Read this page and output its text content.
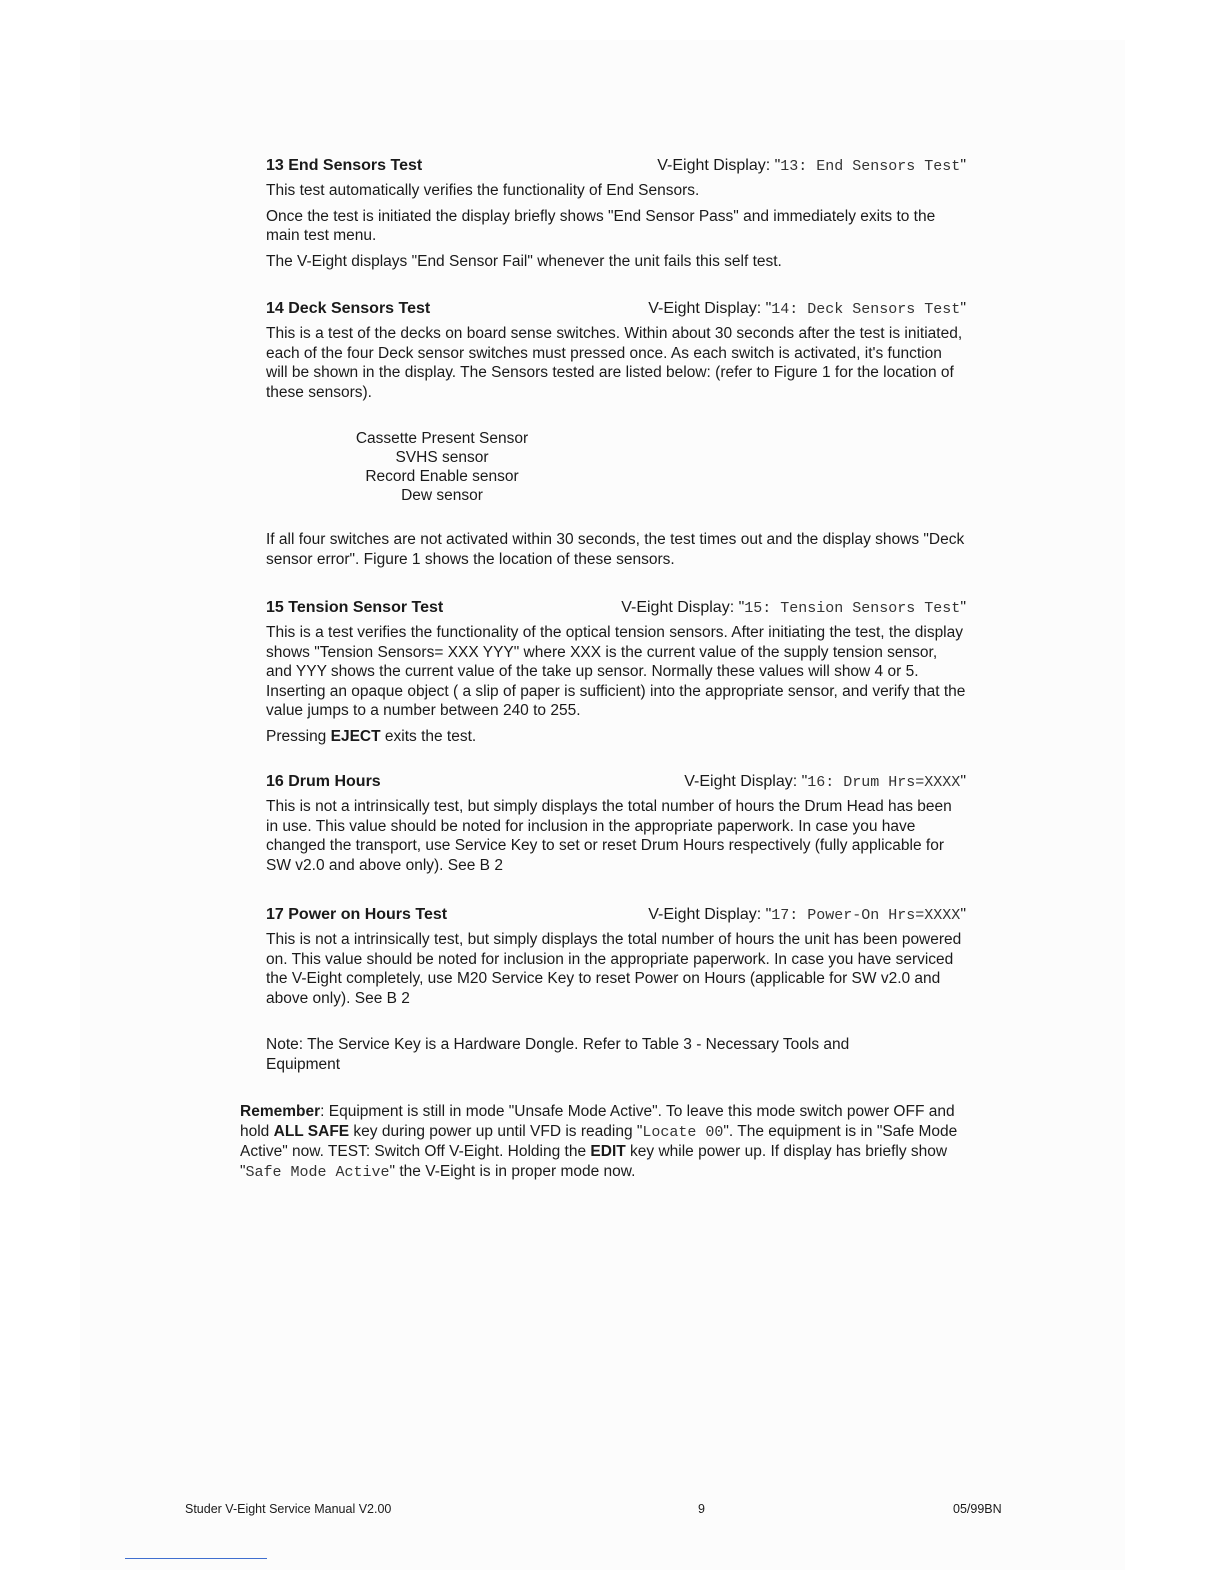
13 End Sensors Test	V-Eight Display: "13: End Sensors Test"

This test automatically verifies the functionality of End Sensors.

Once the test is initiated the display briefly shows "End Sensor Pass" and immediately exits to the main test menu.

The V-Eight displays "End Sensor Fail" whenever the unit fails this self test.

14 Deck Sensors Test	V-Eight Display: "14: Deck Sensors Test"

This is a test of the decks on board sense switches. Within about 30 seconds after the test is initiated, each of the four Deck sensor switches must pressed once. As each switch is activated, it's function will be shown in the display. The Sensors tested are listed below: (refer to Figure 1 for the location of these sensors).

Cassette Present Sensor
SVHS sensor
Record Enable sensor
Dew sensor

If all four switches are not activated within 30 seconds, the test times out and the display shows "Deck sensor error". Figure 1 shows the location of these sensors.

15 Tension Sensor Test	V-Eight Display: "15: Tension Sensors Test"

This is a test verifies the functionality of the optical tension sensors. After initiating the test, the display shows "Tension Sensors= XXX YYY" where XXX is the current value of the supply tension sensor, and YYY shows the current value of the take up sensor. Normally these values will show 4 or 5. Inserting an opaque object ( a slip of paper is sufficient) into the appropriate sensor, and verify that the value jumps to a number between 240 to 255.

Pressing EJECT exits the test.

16 Drum Hours	V-Eight Display: "16: Drum Hrs=XXXX"

This is not a intrinsically test, but simply displays the total number of hours the Drum Head has been in use. This value should be noted for inclusion in the appropriate paperwork. In case you have changed the transport, use Service Key to set or reset Drum Hours respectively (fully applicable for SW v2.0 and above only). See B 2

17 Power on Hours Test	V-Eight Display: "17: Power-On Hrs=XXXX"

This is not a intrinsically test, but simply displays the total number of hours the unit has been powered on. This value should be noted for inclusion in the appropriate paperwork. In case you have serviced the V-Eight completely, use M20 Service Key to reset Power on Hours (applicable for SW v2.0 and above only). See B 2

Note: The Service Key is a Hardware Dongle. Refer to Table 3 - Necessary Tools and Equipment
Remember: Equipment is still in mode "Unsafe Mode Active". To leave this mode switch power OFF and hold ALL SAFE key during power up until VFD is reading "Locate 00". The equipment is in "Safe Mode Active" now. TEST: Switch Off V-Eight. Holding the EDIT key while power up. If display has briefly show "Safe Mode Active" the V-Eight is in proper mode now.
Studer V-Eight Service Manual V2.00	9	05/99BN
